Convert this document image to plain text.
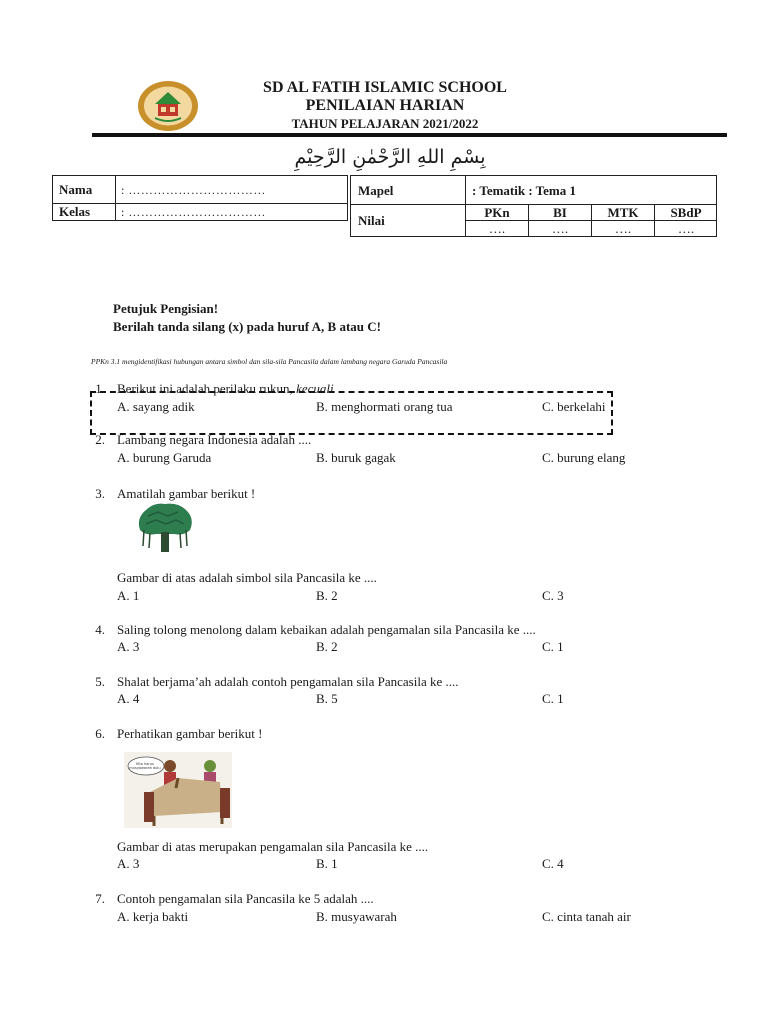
SD AL FATIH ISLAMIC SCHOOL
PENILAIAN HARIAN
TAHUN PELAJARAN 2021/2022
بِسْمِ اللهِ الرَّحْمٰنِ الرَّحِيْمِ
Nama : ……………………………
Kelas	: ……………………………
Mapel	: Tematik : Tema 1
Nilai
PKn	BI	MTK	SBdP
….	….	….	….
Petujuk Pengisian!
Berilah tanda silang (x) pada huruf A, B atau C!
PPKn 3.1 mengidentifikasi hubungan antara simbol dan sila-sila Pancasila dalam lambang negara Garuda Pancasila
1. Berikut ini adalah perilaku rukun, kecuali
A. sayang adik	B. menghormati orang tua	C. berkelahi
2. Lambang negara Indonesia adalah ....
A. burung Garuda	B. buruk gagak	C. burung elang
3. Amatilah gambar berikut !
Gambar di atas adalah simbol sila Pancasila ke ....
A. 1	B. 2	C. 3
4. Saling tolong menolong dalam kebaikan adalah pengamalan sila Pancasila ke ....
A. 3	B. 2	C. 1
5. Shalat berjama’ah adalah contoh pengamalan sila Pancasila ke ....
A. 4	B. 5	C. 1
6. Perhatikan gambar berikut !
Kita harus musyawarah dulu
Gambar di atas merupakan pengamalan sila Pancasila ke ....
A. 3	B. 1	C. 4
7. Contoh pengamalan sila Pancasila ke 5 adalah ....
A. kerja bakti	B. musyawarah	C. cinta tanah air
